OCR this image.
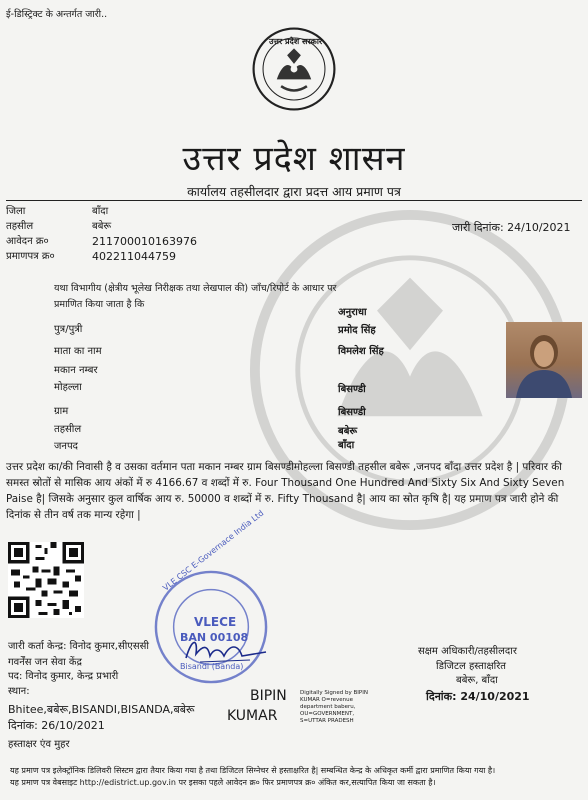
ई-डिस्ट्रिक्ट के अन्तर्गत जारी..
उत्तर प्रदेश सरकार
उत्तर प्रदेश शासन
कार्यालय तहसीलदार द्वारा प्रदत्त आय प्रमाण पत्र
जिला	बाँदा
तहसील	बबेरू
आवेदन क्र०	211700010163976
प्रमाणपत्र क्र०	402211044759
जारी दिनांक: 24/10/2021
यथा विभागीय (क्षेत्रीय भूलेख निरीक्षक तथा लेखपाल की) जाँच/रिपोर्ट के आधार पर
प्रमाणित किया जाता है कि
अनुराधा
पुत्र/पुत्री	प्रमोद सिंह
माता का नाम	विमलेश सिंह
मकान नम्बर
मोहल्ला	बिसण्डी
ग्राम	बिसण्डी
तहसील	बबेरू
जनपद	बाँदा
उत्तर प्रदेश का/की निवासी है व उसका वर्तमान पता मकान नम्बर ग्राम बिसण्डीमोहल्ला बिसण्डी तहसील बबेरू ,जनपद बाँदा उत्तर प्रदेश है | परिवार की समस्त स्रोतों से मासिक आय अंकों में रु 4166.67 व शब्दों में रु. Four Thousand One Hundred And Sixty Six And Sixty Seven Paise है| जिसके अनुसार कुल वार्षिक आय रु. 50000 व शब्दों में रु. Fifty Thousand है| आय का स्रोत कृषि है| यह प्रमाण पत्र जारी होने की दिनांक से तीन वर्ष तक मान्य रहेगा |	VLE CSC E-Governace India Ltd
VLECE
BAN 00108
Bisandi (Banda)
जारी कर्ता केन्द्र: विनोद कुमार,सीएससी
गवर्नेंस जन सेवा केंद्र
पद: विनोद कुमार, केन्द्र प्रभारी
स्थान:
Bhitee,बबेरू,BISANDI,BISANDA,बबेरू
दिनांक: 26/10/2021
हस्ताक्षर एंव मुहर
BIPIN
KUMAR
Digitally Signed by BIPIN
KUMAR O=revenue
department baberu,
OU=GOVERNMENT,
S=UTTAR PRADESH
सक्षम अधिकारी/तहसीलदार
डिजिटल हस्ताक्षरित
बबेरू, बाँदा
दिनांक: 24/10/2021
यह प्रमाण पत्र इलेक्ट्रॉनिक डिलिवरी सिस्टम द्वारा तैयार किया गया है तथा डिजिटल सिग्नेचर से हस्ताक्षरित है| सम्बन्धित केन्द्र के अधिकृत कर्मी द्वारा प्रमाणित किया गया है।
यह प्रमाण पत्र वेबसाइट http://edistrict.up.gov.in पर इसका पहले आवेदन क्र० फिर प्रमाणपत्र क्र० अंकित कर,सत्यापित किया जा सकता है।
